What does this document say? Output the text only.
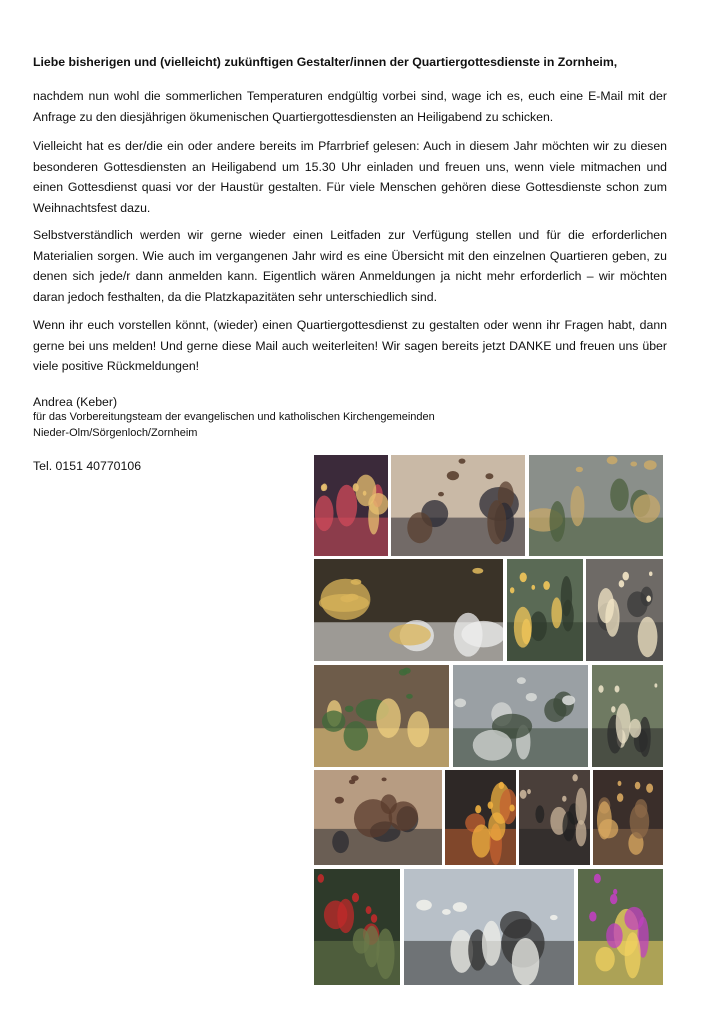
Liebe bisherigen und (vielleicht) zukünftigen Gestalter/innen der Quartiergottesdienste in Zornheim,

nachdem nun wohl die sommerlichen Temperaturen endgültig vorbei sind, wage ich es, euch eine E-Mail mit der Anfrage zu den diesjährigen ökumenischen Quartiergottesdiensten an Heiligabend zu schicken.

Vielleicht hat es der/die ein oder andere bereits im Pfarrbrief gelesen: Auch in diesem Jahr möchten wir zu diesen besonderen Gottesdiensten an Heiligabend um 15.30 Uhr einladen und freuen uns, wenn viele mitmachen und einen Gottesdienst quasi vor der Haustür gestalten. Für viele Menschen gehören diese Gottesdienste schon zum Weihnachtsfest dazu.

Selbstverständlich werden wir gerne wieder einen Leitfaden zur Verfügung stellen und für die erforderlichen Materialien sorgen. Wie auch im vergangenen Jahr wird es eine Übersicht mit den einzelnen Quartieren geben, zu denen sich jede/r dann anmelden kann. Eigentlich wären Anmeldungen ja nicht mehr erforderlich – wir möchten daran jedoch festhalten, da die Platzkapazitäten sehr unterschiedlich sind.

Wenn ihr euch vorstellen könnt, (wieder) einen Quartiergottesdienst zu gestalten oder wenn ihr Fragen habt, dann gerne bei uns melden! Und gerne diese Mail auch weiterleiten! Wir sagen bereits jetzt DANKE und freuen uns über viele positive Rückmeldungen!

Andrea (Keber)
für das Vorbereitungsteam der evangelischen und katholischen Kirchengemeinden
Nieder-Olm/Sörgenloch/Zornheim
Tel. 0151 40770106
